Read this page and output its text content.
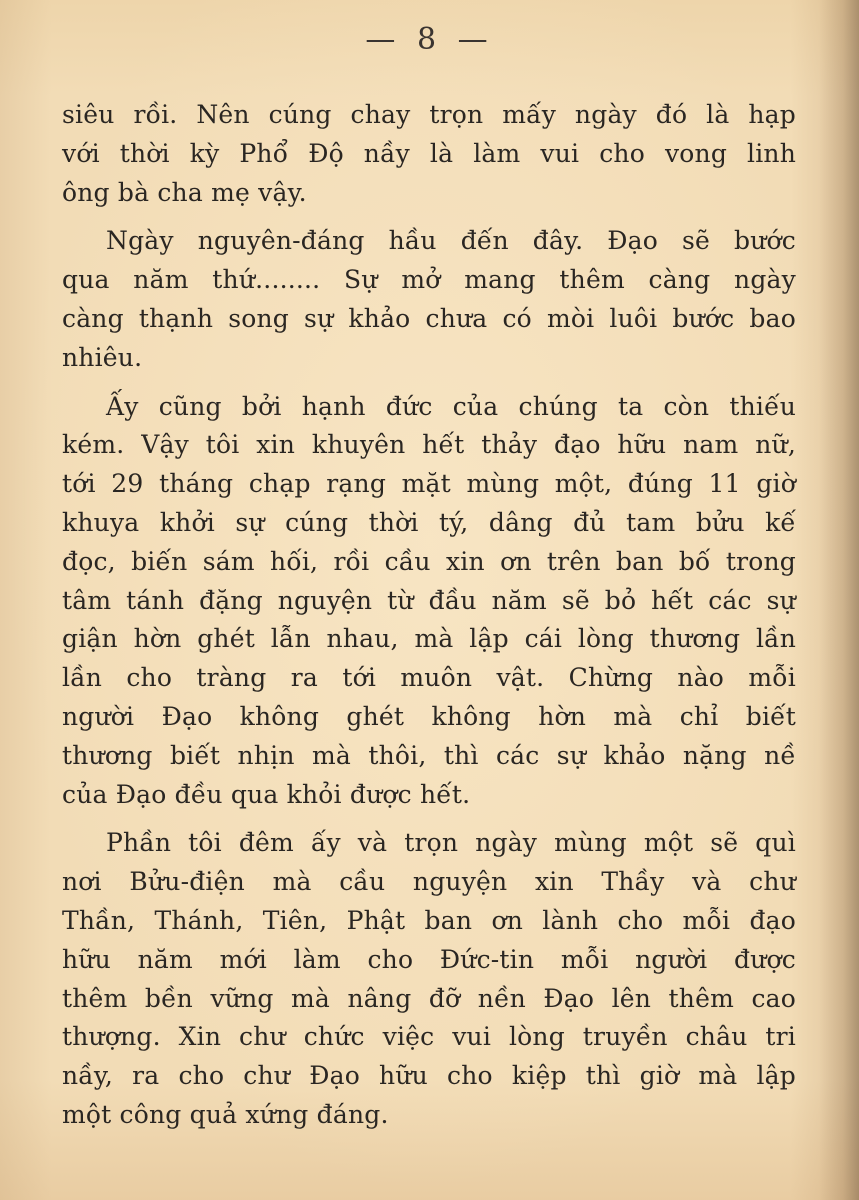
— 8 —
siêu rồi. Nên cúng chay trọn mấy ngày đó là hạp
với thời kỳ Phổ Độ nầy là làm vui cho vong linh
ông bà cha mẹ vậy.
Ngày nguyên-đáng hầu đến đây. Đạo sẽ bước
qua năm thứ........ Sự mở mang thêm càng ngày
càng thạnh song sự khảo chưa có mòi luôi bước bao
nhiêu.
Ấy cũng bởi hạnh đức của chúng ta còn thiếu
kém. Vậy tôi xin khuyên hết thảy đạo hữu nam nữ,
tới 29 tháng chạp rạng mặt mùng một, đúng 11 giờ
khuya khởi sự cúng thời tý, dâng đủ tam bửu kế
đọc, biến sám hối, rồi cầu xin ơn trên ban bố trong
tâm tánh đặng nguyện từ đầu năm sẽ bỏ hết các sự
giận hờn ghét lẫn nhau, mà lập cái lòng thương lần
lần cho tràng ra tới muôn vật. Chừng nào mỗi
người Đạo không ghét không hờn mà chỉ biết
thương biết nhịn mà thôi, thì các sự khảo nặng nề
của Đạo đều qua khỏi được hết.
Phần tôi đêm ấy và trọn ngày mùng một sẽ quì
nơi Bửu-điện mà cầu nguyện xin Thầy và chư
Thần, Thánh, Tiên, Phật ban ơn lành cho mỗi đạo
hữu năm mới làm cho Đức-tin mỗi người được
thêm bền vững mà nâng đỡ nền Đạo lên thêm cao
thượng. Xin chư chức việc vui lòng truyền châu tri
nầy, ra cho chư Đạo hữu cho kiệp thì giờ mà lập
một công quả xứng đáng.
